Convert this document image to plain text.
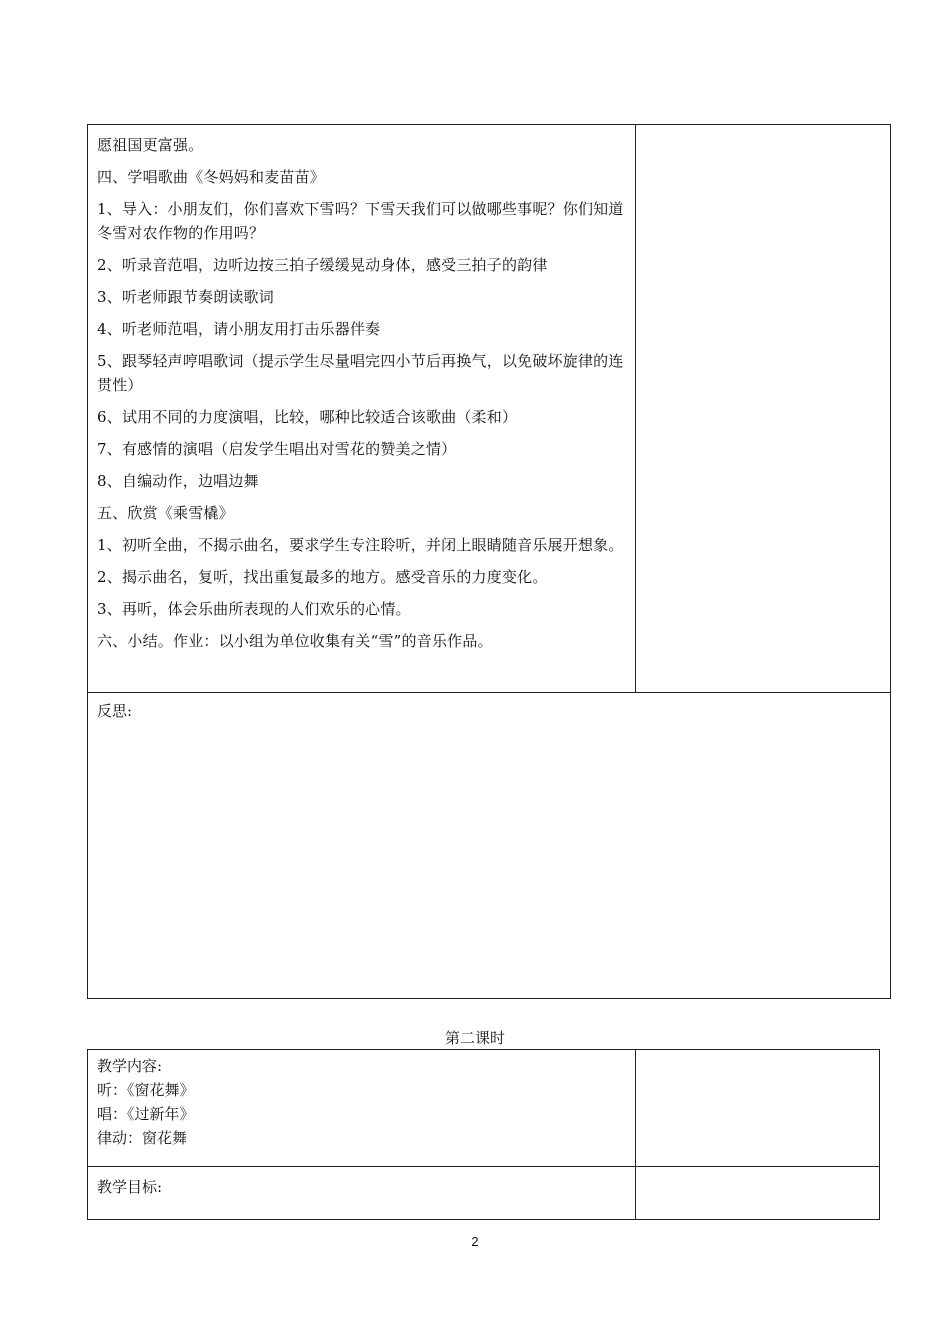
愿祖国更富强。
四、学唱歌曲《冬妈妈和麦苗苗》
1、导入：小朋友们，你们喜欢下雪吗？下雪天我们可以做哪些事呢？你们知道冬雪对农作物的作用吗？
2、听录音范唱，边听边按三拍子缓缓晃动身体，感受三拍子的韵律
3、听老师跟节奏朗读歌词
4、听老师范唱，请小朋友用打击乐器伴奏
5、跟琴轻声哼唱歌词（提示学生尽量唱完四小节后再换气，以免破坏旋律的连贯性）
6、试用不同的力度演唱，比较，哪种比较适合该歌曲（柔和）
7、有感情的演唱（启发学生唱出对雪花的赞美之情）
8、自编动作，边唱边舞
五、欣赏《乘雪橇》
1、初听全曲，不揭示曲名，要求学生专注聆听，并闭上眼睛随音乐展开想象。
2、揭示曲名，复听，找出重复最多的地方。感受音乐的力度变化。
3、再听，体会乐曲所表现的人们欢乐的心情。
六、小结。作业：以小组为单位收集有关“雪”的音乐作品。
反思:
第二课时
教学内容:
听：《窗花舞》
唱：《过新年》
律动：窗花舞
教学目标:
2
